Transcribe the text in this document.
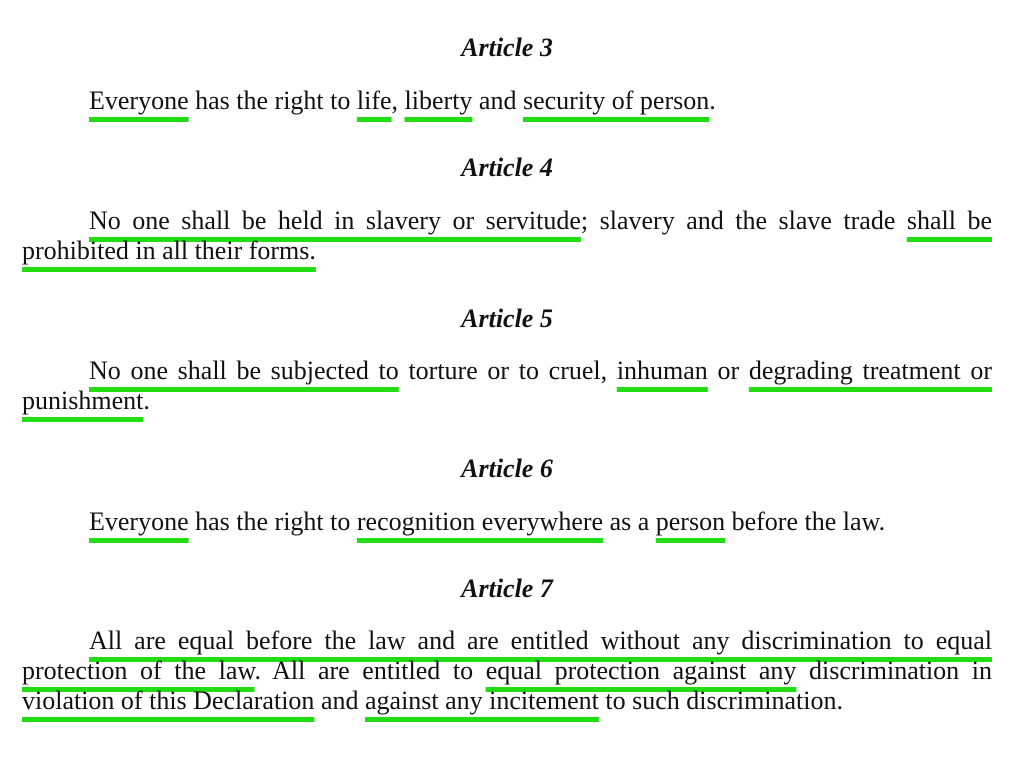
Article 3

Everyone has the right to life, liberty and security of person.

Article 4

No one shall be held in slavery or servitude; slavery and the slave trade shall be prohibited in all their forms.

Article 5

No one shall be subjected to torture or to cruel, inhuman or degrading treatment or punishment.

Article 6

Everyone has the right to recognition everywhere as a person before the law.

Article 7

All are equal before the law and are entitled without any discrimination to equal protection of the law. All are entitled to equal protection against any discrimination in violation of this Declaration and against any incitement to such discrimination.
